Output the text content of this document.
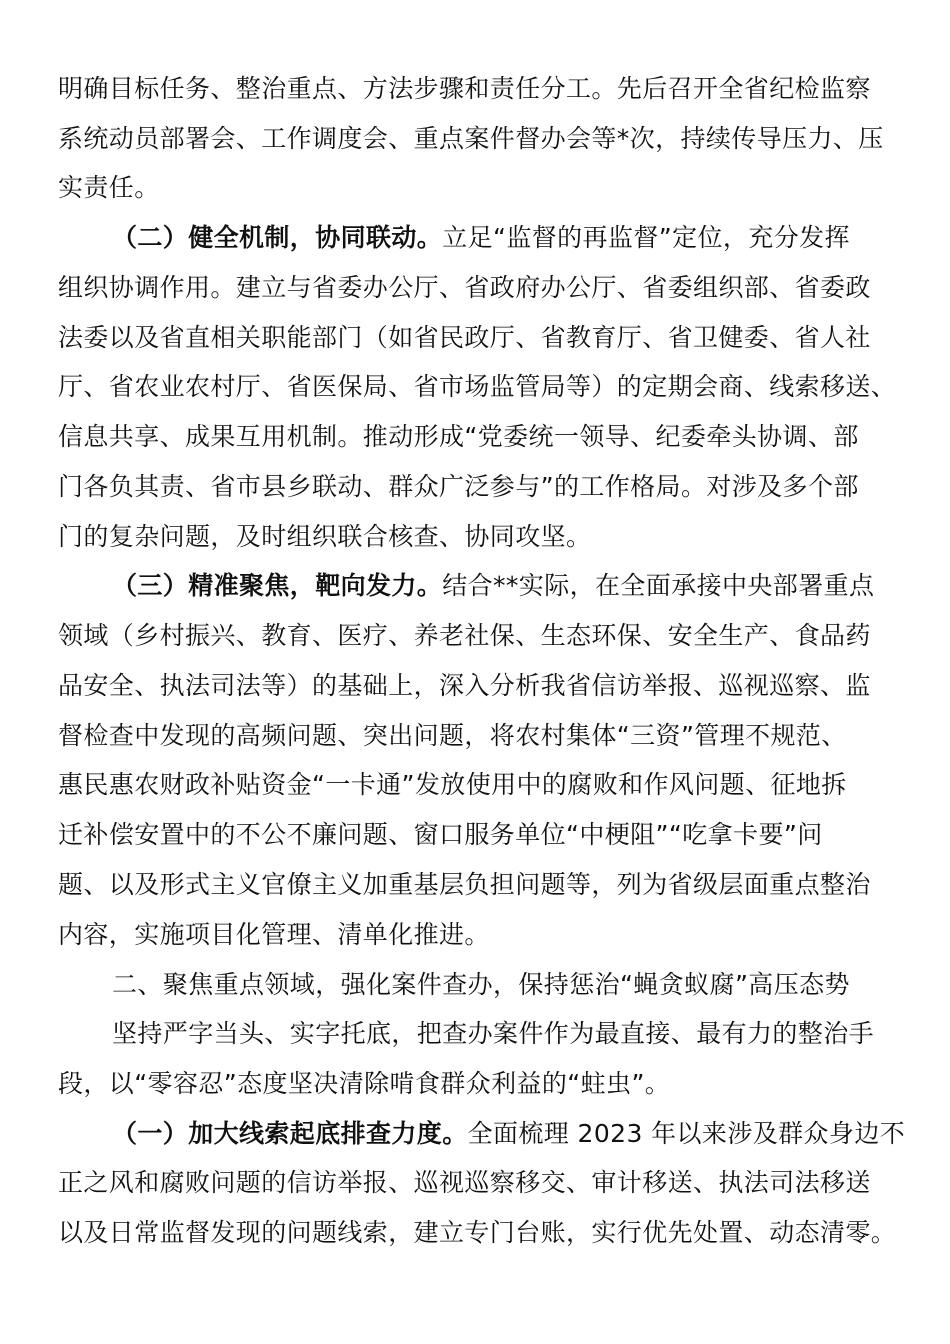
明确目标任务、整治重点、方法步骤和责任分工。先后召开全省纪检监察
系统动员部署会、工作调度会、重点案件督办会等*次，持续传导压力、压
实责任。
（二）健全机制，协同联动。立足“监督的再监督”定位，充分发挥
组织协调作用。建立与省委办公厅、省政府办公厅、省委组织部、省委政
法委以及省直相关职能部门（如省民政厅、省教育厅、省卫健委、省人社
厅、省农业农村厅、省医保局、省市场监管局等）的定期会商、线索移送、
信息共享、成果互用机制。推动形成“党委统一领导、纪委牵头协调、部
门各负其责、省市县乡联动、群众广泛参与”的工作格局。对涉及多个部
门的复杂问题，及时组织联合核查、协同攻坚。
（三）精准聚焦，靶向发力。结合**实际，在全面承接中央部署重点
领域（乡村振兴、教育、医疗、养老社保、生态环保、安全生产、食品药
品安全、执法司法等）的基础上，深入分析我省信访举报、巡视巡察、监
督检查中发现的高频问题、突出问题，将农村集体“三资”管理不规范、
惠民惠农财政补贴资金“一卡通”发放使用中的腐败和作风问题、征地拆
迁补偿安置中的不公不廉问题、窗口服务单位“中梗阻”“吃拿卡要”问
题、以及形式主义官僚主义加重基层负担问题等，列为省级层面重点整治
内容，实施项目化管理、清单化推进。
二、聚焦重点领域，强化案件查办，保持惩治“蝇贪蚁腐”高压态势
坚持严字当头、实字托底，把查办案件作为最直接、最有力的整治手
段，以“零容忍”态度坚决清除啃食群众利益的“蛀虫”。
（一）加大线索起底排查力度。全面梳理 2023 年以来涉及群众身边不
正之风和腐败问题的信访举报、巡视巡察移交、审计移送、执法司法移送
以及日常监督发现的问题线索，建立专门台账，实行优先处置、动态清零。
